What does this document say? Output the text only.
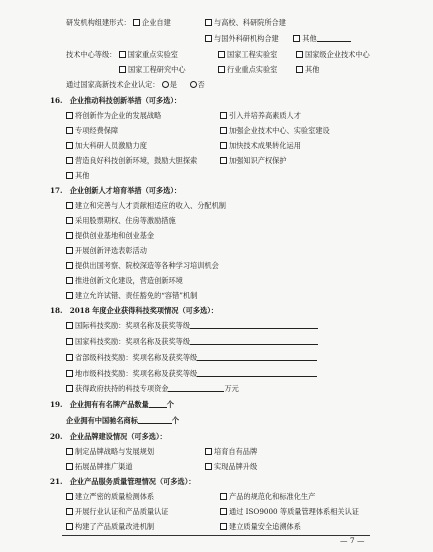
研发机构组建形式： 企业自建	与高校、科研院所合建
与国外科研机构合建	其他
技术中心等级： 国家重点实验室	国家工程实验室	国家级企业技术中心
国家工程研究中心	行业重点实验室	其他
通过国家高新技术企业认定： 是	否
16.　企业推动科技创新举措（可多选）：
将创新作为企业的发展战略	引入并培养高素质人才
专项经费保障	加强企业技术中心、实验室建设
加大科研人员激励力度	加快技术成果转化运用
营造良好科技创新环境，鼓励大胆探索	加强知识产权保护
其他
17.　企业创新人才培育举措（可多选）：
建立和完善与人才贡献相适应的收入、分配机制
采用股票期权、住房等激励措施
提供创业基地和创业基金
开展创新评选表彰活动
提供出国考察、院校深造等各种学习培训机会
推进创新文化建设，营造创新环境
建立允许试错、责任豁免的“容错”机制
18.　2018 年度企业获得科技奖项情况（可多选）：
国际科技奖励：奖项名称及获奖等级
国家科技奖励：奖项名称及获奖等级
省部级科技奖励：奖项名称及获奖等级
地市级科技奖励：奖项名称及获奖等级
获得政府扶持的科技专项资金	万元
19.　企业拥有有名牌产品数量	个
企业拥有中国驰名商标	个
20.　企业品牌建设情况（可多选）：
制定品牌战略与发展规划	培育自有品牌
拓展品牌推广渠道	实现品牌升级
21.　企业产品服务质量管理情况（可多选）：
建立严密的质量检测体系	产品的规范化和标准化生产
开展行业认证和产品质量认证	通过 ISO9000 等质量管理体系相关认证
构建了产品质量改进机制	建立质量安全追溯体系
— 7 —
